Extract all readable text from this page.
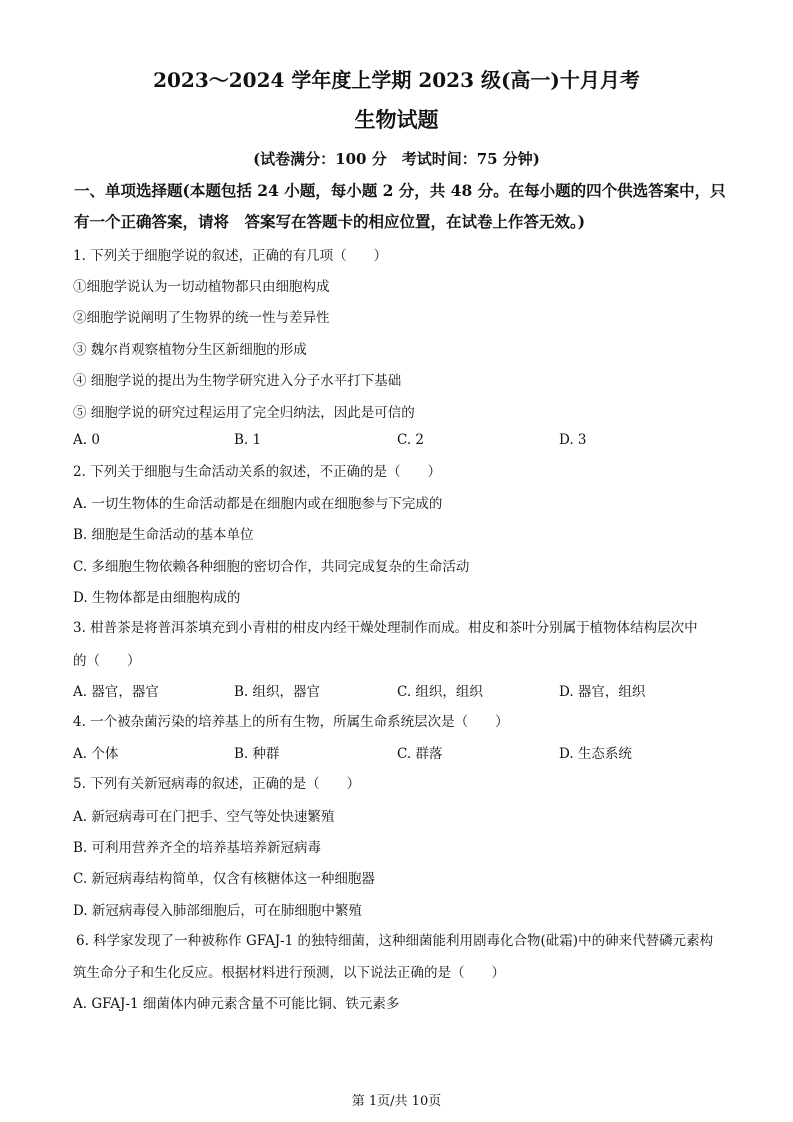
2023～2024 学年度上学期 2023 级(高一)十月月考
生物试题
(试卷满分：100 分　考试时间：75 分钟)
一、单项选择题(本题包括 24 小题，每小题 2 分，共 48 分。在每小题的四个供选答案中，只有一个正确答案，请将　答案写在答题卡的相应位置，在试卷上作答无效。)
1. 下列关于细胞学说的叙述，正确的有几项（　　）
①细胞学说认为一切动植物都只由细胞构成
②细胞学说阐明了生物界的统一性与差异性
③ 魏尔肖观察植物分生区新细胞的形成
④ 细胞学说的提出为生物学研究进入分子水平打下基础
⑤ 细胞学说的研究过程运用了完全归纳法，因此是可信的
A. 0	B. 1	C. 2	D. 3
2. 下列关于细胞与生命活动关系的叙述，不正确的是（　　）
A. 一切生物体的生命活动都是在细胞内或在细胞参与下完成的
B. 细胞是生命活动的基本单位
C. 多细胞生物依赖各种细胞的密切合作，共同完成复杂的生命活动
D. 生物体都是由细胞构成的
3. 柑普茶是将普洱茶填充到小青柑的柑皮内经干燥处理制作而成。柑皮和茶叶分别属于植物体结构层次中
的（　　）
A. 器官，器官	B. 组织，器官	C. 组织，组织	D. 器官，组织
4. 一个被杂菌污染的培养基上的所有生物，所属生命系统层次是（　　）
A. 个体	B. 种群	C. 群落	D. 生态系统
5. 下列有关新冠病毒的叙述，正确的是（　　）
A. 新冠病毒可在门把手、空气等处快速繁殖
B. 可利用营养齐全的培养基培养新冠病毒
C. 新冠病毒结构简单，仅含有核糖体这一种细胞器
D. 新冠病毒侵入肺部细胞后，可在肺细胞中繁殖
6. 科学家发现了一种被称作 GFAJ-1 的独特细菌，这种细菌能利用剧毒化合物(砒霜)中的砷来代替磷元素构
筑生命分子和生化反应。根据材料进行预测，以下说法正确的是（　　）
A. GFAJ-1 细菌体内砷元素含量不可能比铜、铁元素多
第 1页/共 10页
